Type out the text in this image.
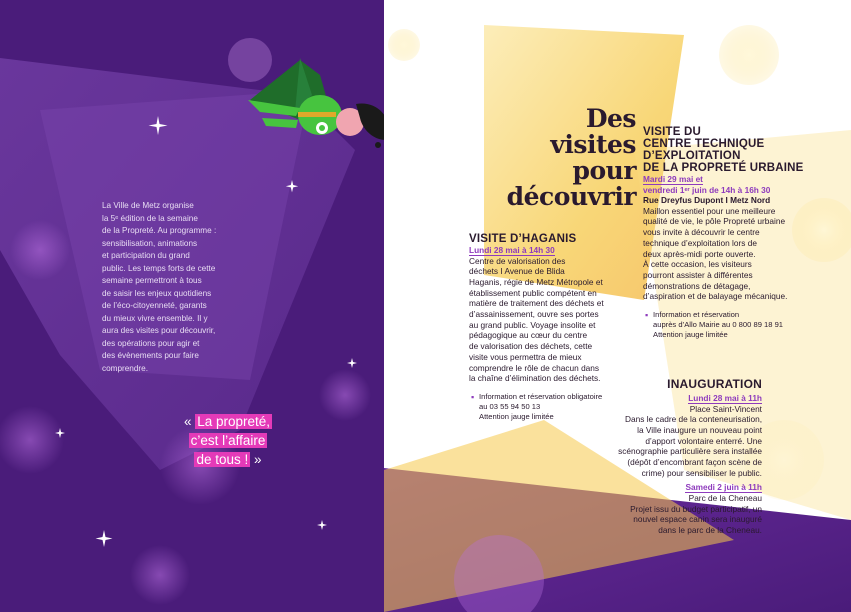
La Ville de Metz organise
la 5ᵉ édition de la semaine
de la Propreté. Au programme :
sensibilisation, animations
et participation du grand
public. Les temps forts de cette
semaine permettront à tous
de saisir les enjeux quotidiens
de l’éco-citoyenneté, garants
du mieux vivre ensemble. Il y
aura des visites pour découvrir,
des opérations pour agir et
des évènements pour faire
comprendre.

« La propreté,
c’est l’affaire
de tous ! »
Des
visites
pour
découvrir
VISITE D’HAGANIS
Lundi 28 mai à 14h 30
Centre de valorisation des
déchets I Avenue de Blida
Haganis, régie de Metz Métropole et
établissement public compétent en
matière de traitement des déchets et
d’assainissement, ouvre ses portes
au grand public. Voyage insolite et
pédagogique au cœur du centre
de valorisation des déchets, cette
visite vous permettra de mieux
comprendre le rôle de chacun dans
la chaîne d’élimination des déchets.
▪ Information et réservation obligatoire
au 03 55 94 50 13
Attention jauge limitée
VISITE DU
CENTRE TECHNIQUE
D’EXPLOITATION
DE LA PROPRETÉ URBAINE
Mardi 29 mai et
vendredi 1ᵉʳ juin de 14h à 16h 30
Rue Dreyfus Dupont I Metz Nord
Maillon essentiel pour une meilleure
qualité de vie, le pôle Propreté urbaine
vous invite à découvrir le centre
technique d’exploitation lors de
deux après-midi porte ouverte.
À cette occasion, les visiteurs
pourront assister à différentes
démonstrations de détagage,
d’aspiration et de balayage mécanique.
▪ Information et réservation
auprès d’Allo Mairie au 0 800 89 18 91
Attention jauge limitée
INAUGURATION
Lundi 28 mai à 11h
Place Saint-Vincent
Dans le cadre de la conteneurisation,
la Ville inaugure un nouveau point
d’apport volontaire enterré. Une
scénographie particulière sera installée
(dépôt d’encombrant façon scène de
crime) pour sensibiliser le public.
Samedi 2 juin à 11h
Parc de la Cheneau
Projet issu du budget participatif, un
nouvel espace canin sera inauguré
dans le parc de la Cheneau.
